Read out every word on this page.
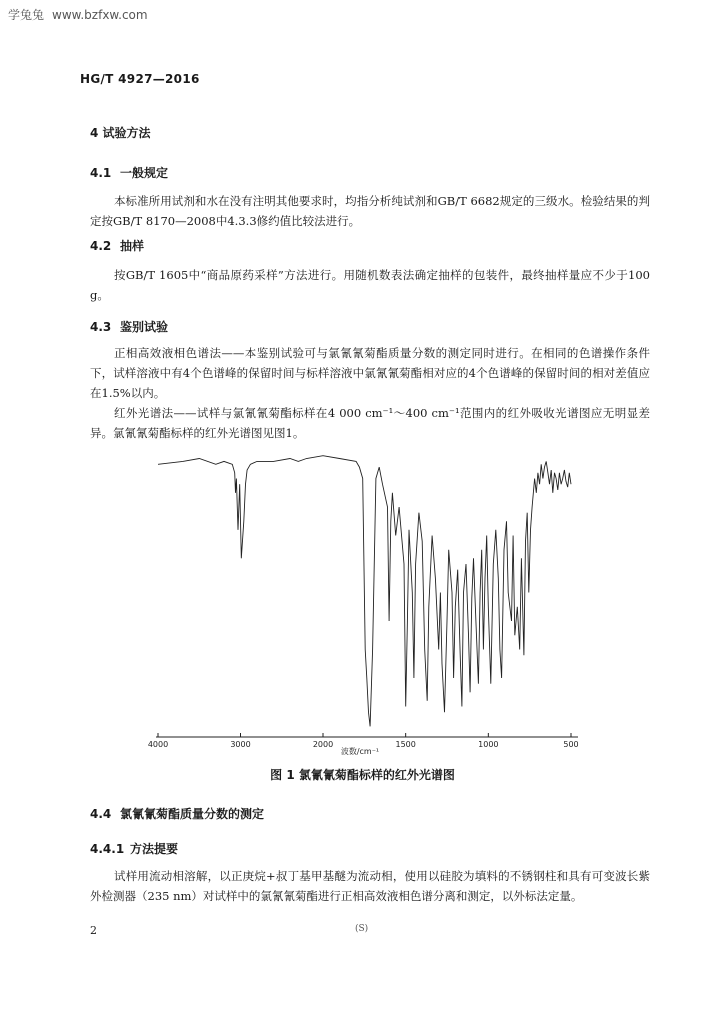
学兔兔 www.bzfxw.com
HG/T 4927—2016
4 试验方法
4.1 一般规定

本标准所用试剂和水在没有注明其他要求时，均指分析纯试剂和GB/T 6682规定的三级水。检验结果的判定按GB/T 8170—2008中4.3.3修约值比较法进行。

4.2 抽样

按GB/T 1605中“商品原药采样”方法进行。用随机数表法确定抽样的包装件，最终抽样量应不少于100 g。

4.3 鉴别试验

正相高效液相色谱法——本鉴别试验可与氯氰氰菊酯质量分数的测定同时进行。在相同的色谱操作条件下，试样溶液中有4个色谱峰的保留时间与标样溶液中氯氰氰菊酯相对应的4个色谱峰的保留时间的相对差值应在1.5%以内。

红外光谱法——试样与氯氰氰菊酯标样在4 000 cm⁻¹～400 cm⁻¹范围内的红外吸收光谱图应无明显差异。氯氰氰菊酯标样的红外光谱图见图1。

4000	3000	2000	1500	1000	500
波数/cm⁻¹
图 1 氯氰氰菊酯标样的红外光谱图
4.4 氯氰氰菊酯质量分数的测定
4.4.1 方法提要

试样用流动相溶解，以正庚烷+叔丁基甲基醚为流动相，使用以硅胶为填料的不锈钢柱和具有可变波长紫外检测器（235 nm）对试样中的氯氰氰菊酯进行正相高效液相色谱分离和测定，以外标法定量。

2	(S)
